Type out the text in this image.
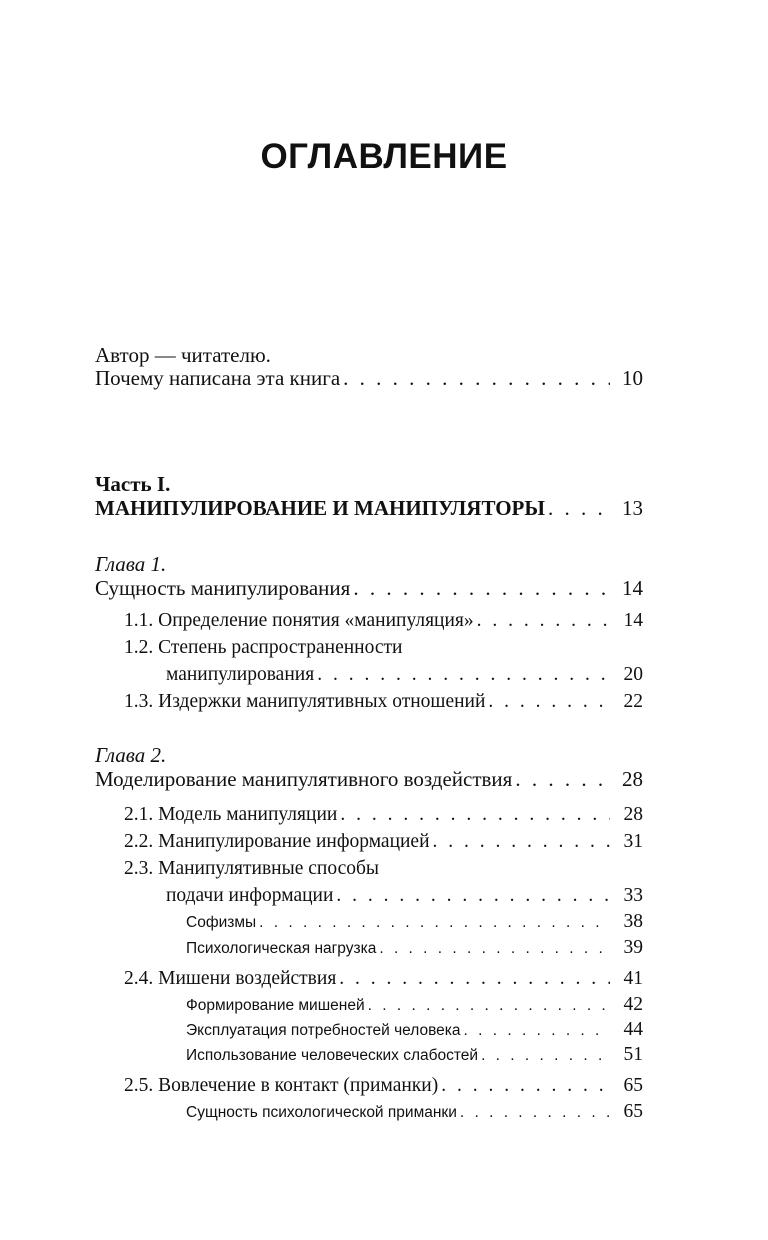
ОГЛАВЛЕНИЕ
Автор — читателю.
Почему написана эта книга . . .	10
Часть I.
МАНИПУЛИРОВАНИЕ И МАНИПУЛЯТОРЫ . . .	13
Глава 1.
Сущность манипулирования . . .	14
1.1. Определение понятия «манипуляция» . . .	14
1.2. Степень распространенности
манипулирования . . .	20
1.3. Издержки манипулятивных отношений . . .	22
Глава 2.
Моделирование манипулятивного воздействия . . .	28
2.1. Модель манипуляции . . .	28
2.2. Манипулирование информацией . . .	31
2.3. Манипулятивные способы
подачи информации . . .	33
Софизмы . . .	38
Психологическая нагрузка . . .	39
2.4. Мишени воздействия . . .	41
Формирование мишеней . . .	42
Эксплуатация потребностей человека . . .	44
Использование человеческих слабостей . . .	51
2.5. Вовлечение в контакт (приманки) . . .	65
Сущность психологической приманки . . .	65
